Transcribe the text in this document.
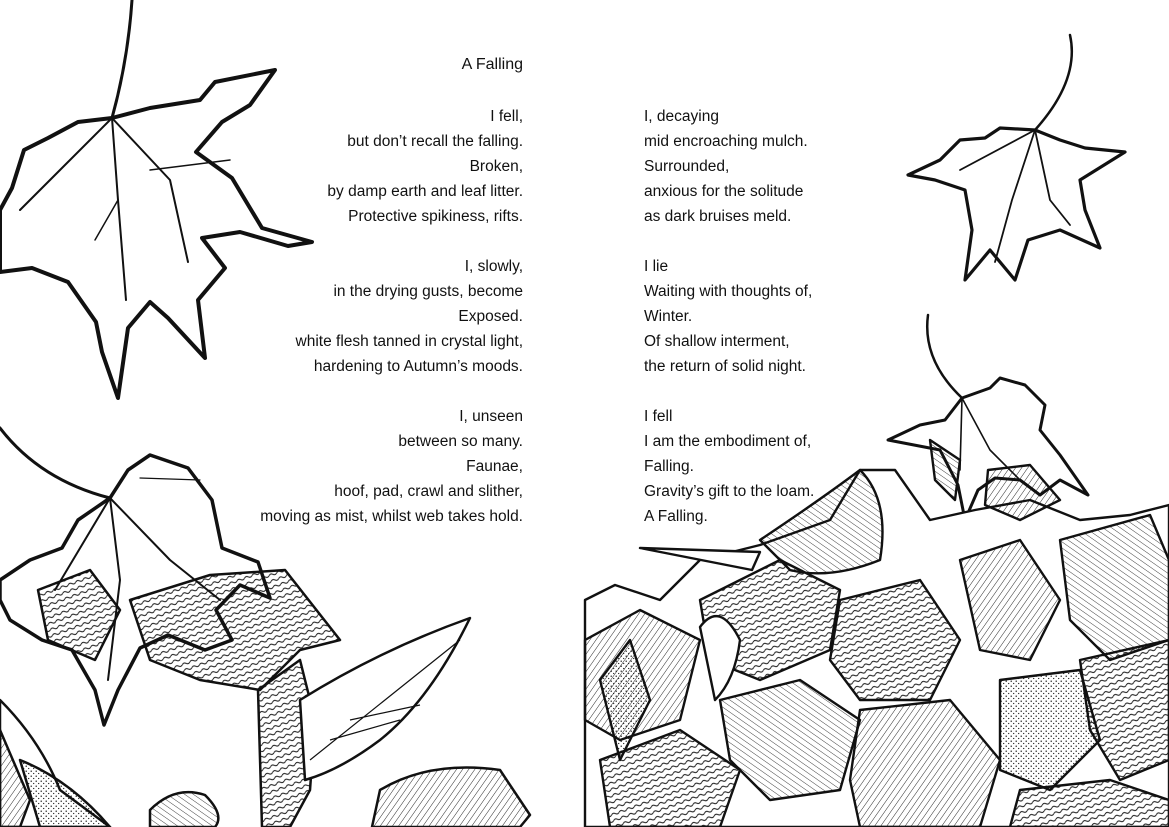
A Falling
I fell,
but don’t recall the falling.
Broken,
by damp earth and leaf litter.
Protective spikiness, rifts.
I, slowly,
in the drying gusts, become
Exposed.
white flesh tanned in crystal light,
hardening to Autumn’s moods.
I, unseen
between so many.
Faunae,
hoof, pad, crawl and slither,
moving as mist, whilst web takes hold.
I, decaying
mid encroaching mulch.
Surrounded,
anxious for the solitude
as dark bruises meld.
I lie
Waiting with thoughts of,
Winter.
Of shallow interment,
the return of solid night.
I fell
I am the embodiment of,
Falling.
Gravity’s gift to the loam.
A Falling.
